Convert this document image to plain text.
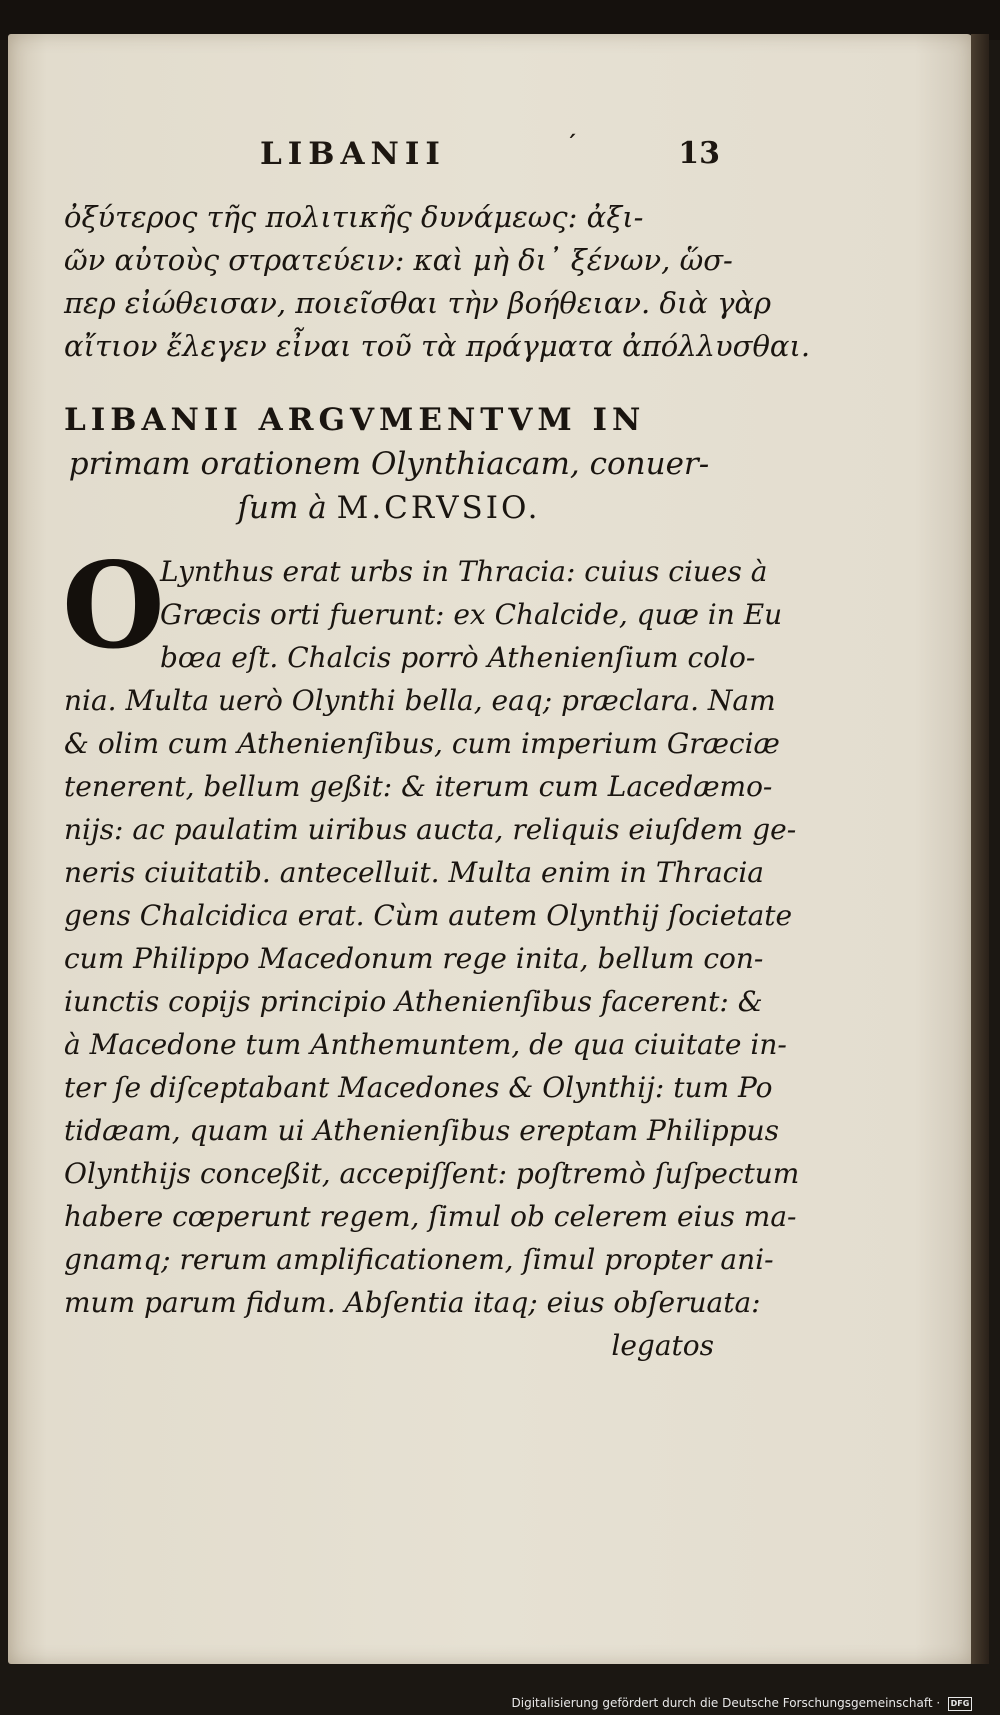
LIBANII	´	13
ὀξύτερος τῆς πολιτικῆς δυνάμεως: ἀξι-
ῶν αὐτοὺς στρατεύειν: καὶ μὴ δι᾽ ξένων, ὥσ-
περ εἰώθεισαν, ποιεῖσθαι τὴν βοήθειαν. διὰ γὰρ
αἴτιον ἔλεγεν εἶναι τοῦ τὰ πράγματα ἀπόλλυσθαι.
LIBANII ARGVMENTVM IN
primam orationem Olynthiacam, conuer-
ſum à M.CRVSIO.
O
Lynthus erat urbs in Thracia: cuius ciues à
Græcis orti fuerunt: ex Chalcide, quæ in Eu
bœa eſt. Chalcis porrò Athenienſium colo-
nia. Multa uerò Olynthi bella, eaq; præclara. Nam
& olim cum Athenienſibus, cum imperium Græciæ
tenerent, bellum geßit: & iterum cum Lacedæmo-
nijs: ac paulatim uiribus aucta, reliquis eiuſdem ge-
neris ciuitatib. antecelluit. Multa enim in Thracia
gens Chalcidica erat. Cùm autem Olynthij ſocietate
cum Philippo Macedonum rege inita, bellum con-
iunctis copijs principio Athenienſibus facerent: &
à Macedone tum Anthemuntem, de qua ciuitate in-
ter ſe diſceptabant Macedones & Olynthij: tum Po
tidæam, quam ui Athenienſibus ereptam Philippus
Olynthijs conceßit, accepiſſent: poſtremò ſuſpectum
habere cœperunt regem, ſimul ob celerem eius ma-
gnamq; rerum amplificationem, ſimul propter ani-
mum parum fidum. Abſentia itaq; eius obſeruata:
legatos
Digitalisierung gefördert durch die Deutsche Forschungsgemeinschaft · DFG
